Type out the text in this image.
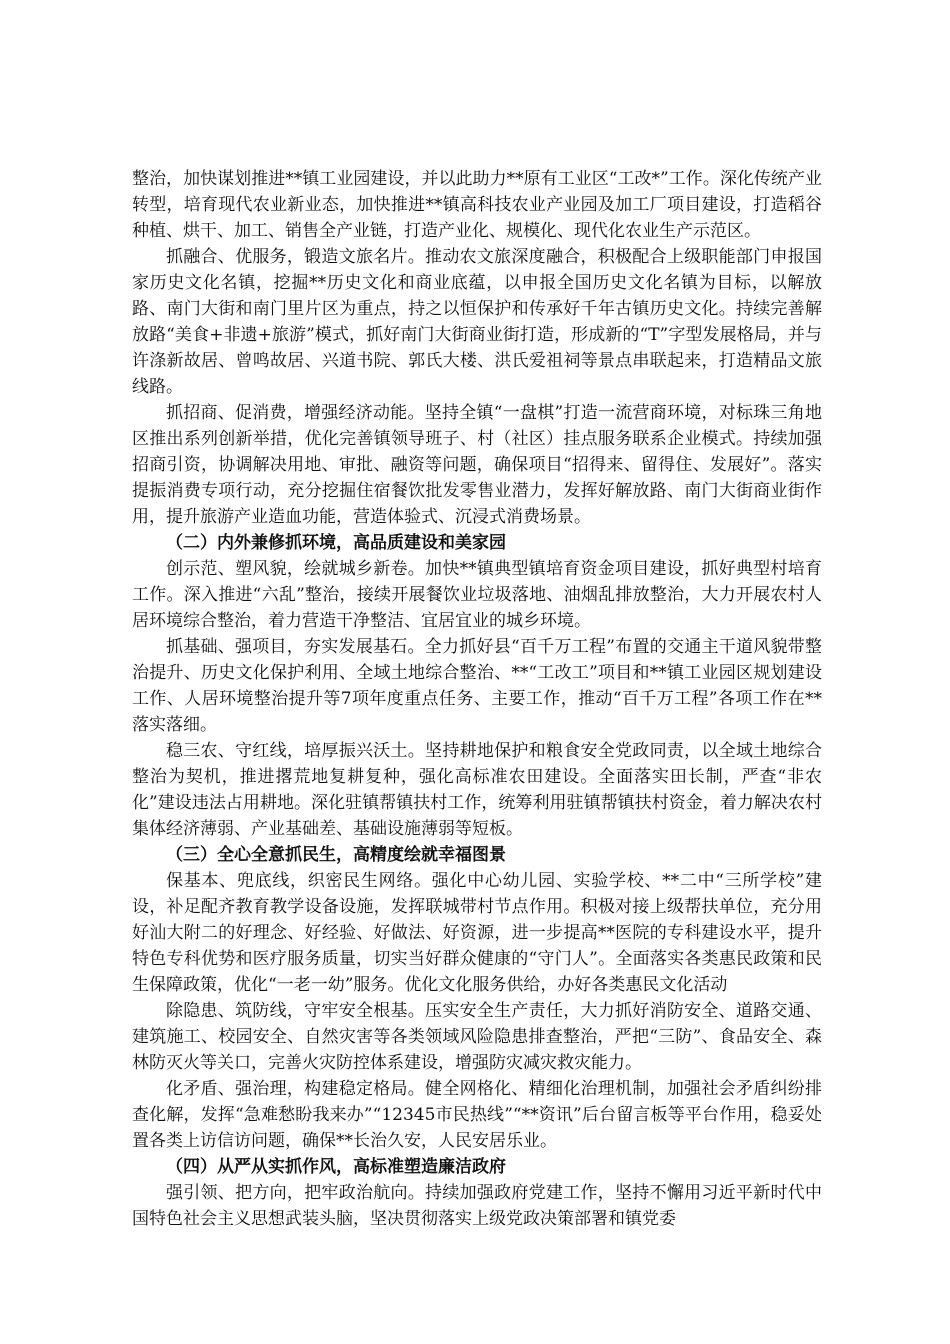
整治，加快谋划推进**镇工业园建设，并以此助力**原有工业区“工改*”工作。深化传统产业转型，培育现代农业新业态，加快推进**镇高科技农业产业园及加工厂项目建设，打造稻谷种植、烘干、加工、销售全产业链，打造产业化、规模化、现代化农业生产示范区。

抓融合、优服务，锻造文旅名片。推动农文旅深度融合，积极配合上级职能部门申报国家历史文化名镇，挖掘**历史文化和商业底蕴，以申报全国历史文化名镇为目标，以解放路、南门大街和南门里片区为重点，持之以恒保护和传承好千年古镇历史文化。持续完善解放路“美食+非遗+旅游”模式，抓好南门大街商业街打造，形成新的“T”字型发展格局，并与许涤新故居、曾鸣故居、兴道书院、郭氏大楼、洪氏爱祖祠等景点串联起来，打造精品文旅线路。

抓招商、促消费，增强经济动能。坚持全镇“一盘棋”打造一流营商环境，对标珠三角地区推出系列创新举措，优化完善镇领导班子、村（社区）挂点服务联系企业模式。持续加强招商引资，协调解决用地、审批、融资等问题，确保项目“招得来、留得住、发展好”。落实提振消费专项行动，充分挖掘住宿餐饮批发零售业潜力，发挥好解放路、南门大街商业街作用，提升旅游产业造血功能，营造体验式、沉浸式消费场景。

（二）内外兼修抓环境，高品质建设和美家园

创示范、塑风貌，绘就城乡新卷。加快**镇典型镇培育资金项目建设，抓好典型村培育工作。深入推进“六乱”整治，接续开展餐饮业垃圾落地、油烟乱排放整治，大力开展农村人居环境综合整治，着力营造干净整洁、宜居宜业的城乡环境。

抓基础、强项目，夯实发展基石。全力抓好县“百千万工程”布置的交通主干道风貌带整治提升、历史文化保护利用、全域土地综合整治、**“工改工”项目和**镇工业园区规划建设工作、人居环境整治提升等7项年度重点任务、主要工作，推动“百千万工程”各项工作在**落实落细。

稳三农、守红线，培厚振兴沃土。坚持耕地保护和粮食安全党政同责，以全域土地综合整治为契机，推进撂荒地复耕复种，强化高标准农田建设。全面落实田长制，严查“非农化”建设违法占用耕地。深化驻镇帮镇扶村工作，统筹利用驻镇帮镇扶村资金，着力解决农村集体经济薄弱、产业基础差、基础设施薄弱等短板。

（三）全心全意抓民生，高精度绘就幸福图景

保基本、兜底线，织密民生网络。强化中心幼儿园、实验学校、**二中“三所学校”建设，补足配齐教育教学设备设施，发挥联城带村节点作用。积极对接上级帮扶单位，充分用好汕大附二的好理念、好经验、好做法、好资源，进一步提高**医院的专科建设水平，提升特色专科优势和医疗服务质量，切实当好群众健康的“守门人”。全面落实各类惠民政策和民生保障政策，优化“一老一幼”服务。优化文化服务供给，办好各类惠民文化活动

除隐患、筑防线，守牢安全根基。压实安全生产责任，大力抓好消防安全、道路交通、建筑施工、校园安全、自然灾害等各类领域风险隐患排查整治，严把“三防”、食品安全、森林防灭火等关口，完善火灾防控体系建设，增强防灾减灾救灾能力。

化矛盾、强治理，构建稳定格局。健全网格化、精细化治理机制，加强社会矛盾纠纷排查化解，发挥“急难愁盼我来办”“12345市民热线”“**资讯”后台留言板等平台作用，稳妥处置各类上访信访问题，确保**长治久安，人民安居乐业。

（四）从严从实抓作风，高标准塑造廉洁政府

强引领、把方向，把牢政治航向。持续加强政府党建工作，坚持不懈用习近平新时代中国特色社会主义思想武装头脑，坚决贯彻落实上级党政决策部署和镇党委
